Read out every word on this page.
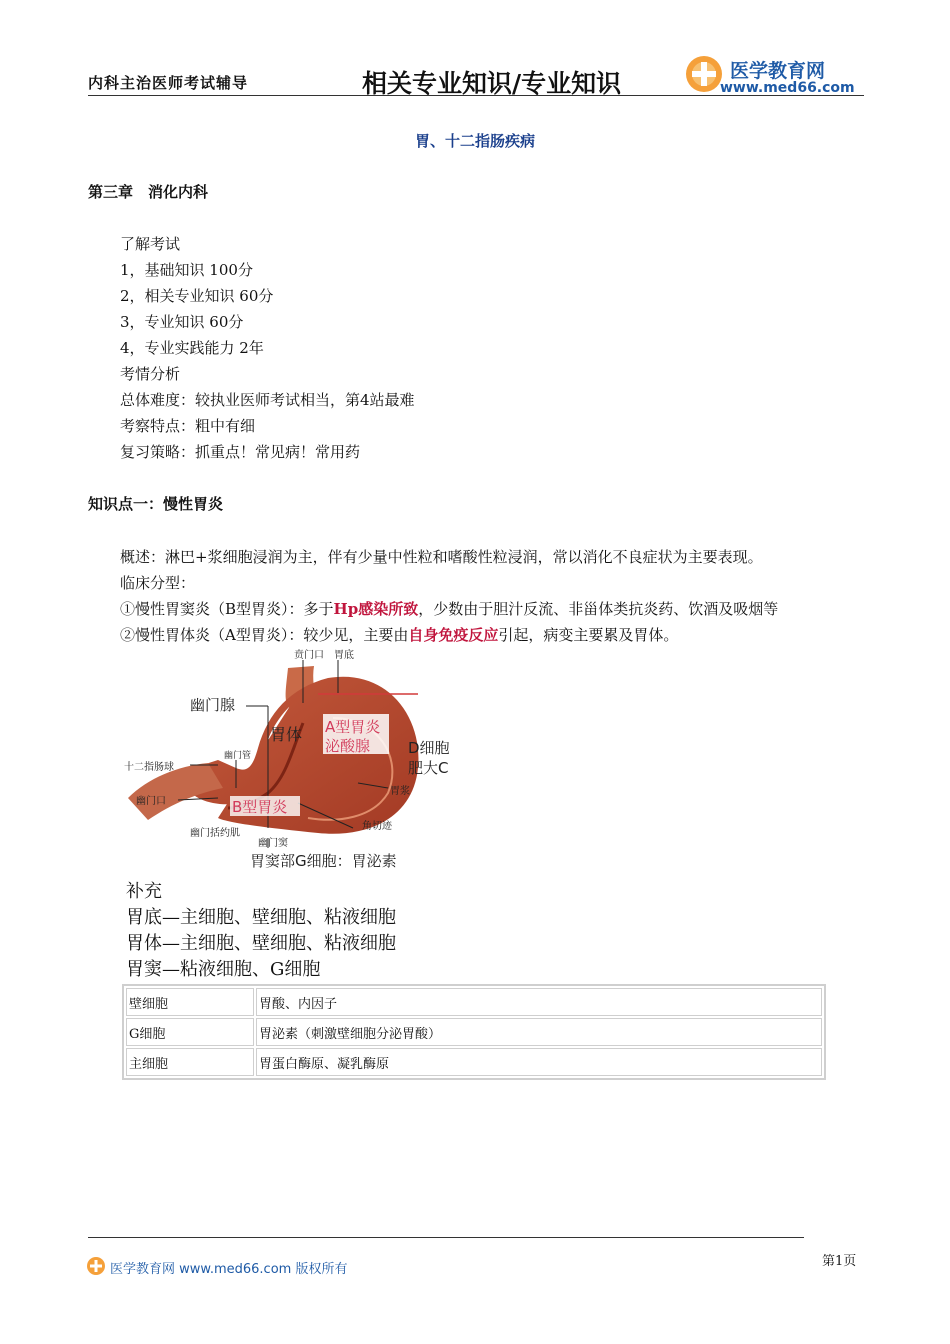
内科主治医师考试辅导	相关专业知识/专业知识	医学教育网
www.med66.com
胃、十二指肠疾病
第三章　消化内科
了解考试
1，基础知识 100分
2，相关专业知识 60分
3，专业知识 60分
4，专业实践能力 2年
考情分析
总体难度：较执业医师考试相当，第4站最难
考察特点：粗中有细
复习策略：抓重点！常见病！常用药
知识点一：慢性胃炎
概述：淋巴+浆细胞浸润为主，伴有少量中性粒和嗜酸性粒浸润，常以消化不良症状为主要表现。
临床分型：
①慢性胃窦炎（B型胃炎）：多于Hp感染所致，少数由于胆汁反流、非甾体类抗炎药、饮酒及吸烟等
②慢性胃体炎（A型胃炎）：较少见，主要由自身免疫反应引起，病变主要累及胃体。
贲门口 胃底
幽门腺
胃体 A型胃炎
泌酸腺	D细胞
肥大C
十二指肠球
幽门管
幽门口	B型胃炎
胃浆
角切迹
幽门括约肌
幽门窦
胃窦部G细胞：胃泌素
补充
胃底—主细胞、壁细胞、粘液细胞
胃体—主细胞、壁细胞、粘液细胞
胃窦—粘液细胞、G细胞
壁细胞	胃酸、内因子
G细胞	胃泌素（刺激壁细胞分泌胃酸）
主细胞	胃蛋白酶原、凝乳酶原
医学教育网 www.med66.com 版权所有
第1页
